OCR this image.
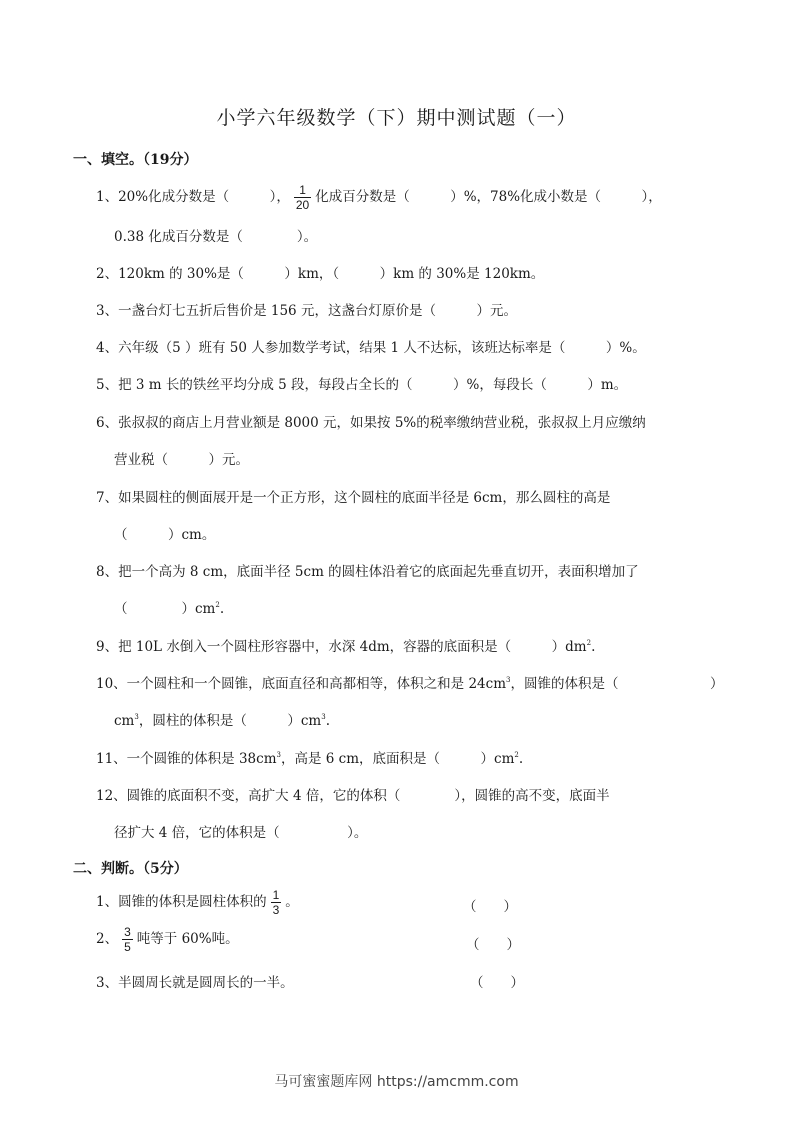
小学六年级数学（下）期中测试题（一）
一、填空。（19分）
1、20%化成分数是（　　　）， $\frac{1}{20}$ 化成百分数是（　　　）%，78%化成小数是（　　　），
0.38 化成百分数是（　　　　）。
2、120km 的 30%是（　　　）km，（　　　）km 的 30%是 120km。
3、一盏台灯七五折后售价是 156 元，这盏台灯原价是（　　　）元。
4、六年级（5 ）班有 50 人参加数学考试，结果 1 人不达标，该班达标率是（　　　）%。
5、把 3 m 长的铁丝平均分成 5 段，每段占全长的（　　　）%，每段长（　　　）m。
6、张叔叔的商店上月营业额是 8000 元，如果按 5%的税率缴纳营业税，张叔叔上月应缴纳
营业税（　　　）元。
7、如果圆柱的侧面展开是一个正方形，这个圆柱的底面半径是 6cm，那么圆柱的高是
（　　　）cm。
8、把一个高为 8 cm，底面半径 5cm 的圆柱体沿着它的底面起先垂直切开，表面积增加了
（　　　　）$cm^2$.
9、把 10L 水倒入一个圆柱形容器中，水深 4dm，容器的底面积是（　　　）$dm^2$.
10、一个圆柱和一个圆锥，底面直径和高都相等，体积之和是 $24cm^3$，圆锥的体积是（	）
$cm^3$，圆柱的体积是（　　　）$cm^3$.
11、一个圆锥的体积是 $38cm^3$，高是 6 cm，底面积是（　　　）$cm^2$.
12、圆锥的底面积不变，高扩大 4 倍，它的体积（　　　　），圆锥的高不变，底面半
径扩大 4 倍，它的体积是（　　　　　）。
二、判断。（5分）
1、圆锥的体积是圆柱体积的 $\frac{1}{3}$ 。	（　　）
2、 $\frac{3}{5}$ 吨等于 60%吨。	（　　）
3、半圆周长就是圆周长的一半。	（　　）
马可蜜蜜题库网 https://amcmm.com
